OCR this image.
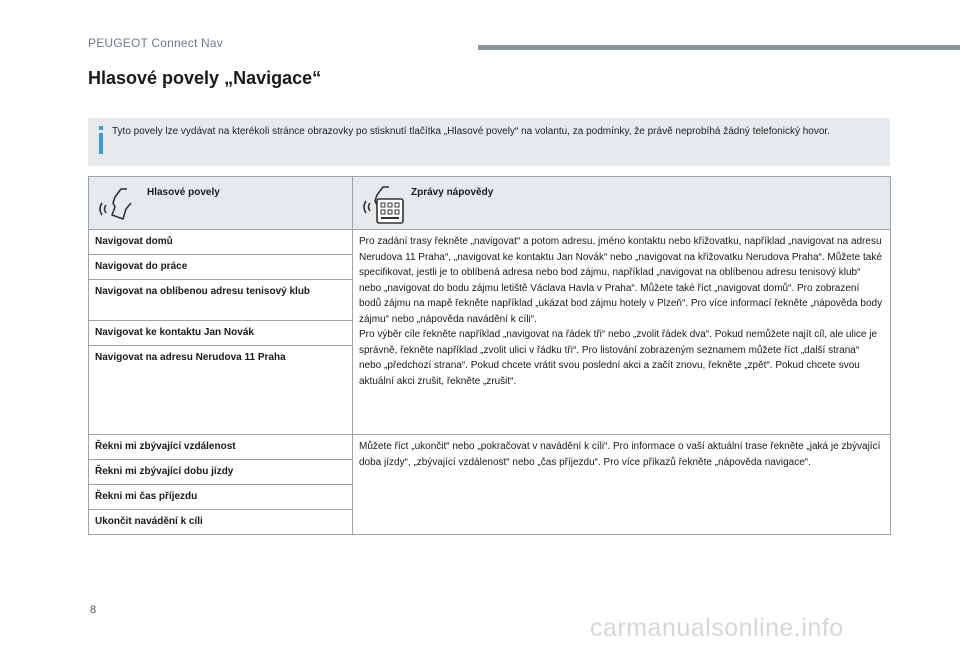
PEUGEOT Connect Nav
Hlasové povely „Navigace“
Tyto povely lze vydávat na kterékoli stránce obrazovky po stisknutí tlačítka „Hlasové povely“ na volantu, za podmínky, že právě neprobíhá žádný telefonický hovor.
Hlasové povely	Zprávy nápovědy

Navigovat domů	Pro zadání trasy řekněte „navigovat“ a potom adresu, jméno kontaktu nebo křižovatku, například „navigovat na adresu Nerudova 11 Praha“, „navigovat ke kontaktu Jan Novák“ nebo „navigovat na křižovatku Nerudova Praha“. Můžete také specifikovat, jestli je to oblíbená adresa nebo bod zájmu, například „navigovat na oblíbenou adresu tenisový klub“ nebo „navigovat do bodu zájmu letiště Václava Havla v Praha“. Můžete také říct „navigovat domů“. Pro zobrazení bodů zájmu na mapě řekněte například „ukázat bod zájmu hotely v Plzeň“. Pro více informací řekněte „nápověda body zájmu“ nebo „nápověda navádění k cíli“.
Pro výběr cíle řekněte například „navigovat na řádek tři“ nebo „zvolit řádek dva“. Pokud nemůžete najít cíl, ale ulice je správně, řekněte například „zvolit ulici v řádku tři“. Pro listování zobrazeným seznamem můžete říct „další strana“ nebo „předchozí strana“. Pokud chcete vrátit svou poslední akci a začít znovu, řekněte „zpět“. Pokud chcete svou aktuální akci zrušit, řekněte „zrušit“.
Navigovat do práce	
Navigovat na oblíbenou adresu tenisový klub	
Navigovat ke kontaktu Jan Novák	
Navigovat na adresu Nerudova 11 Praha	
Řekni mi zbývající vzdálenost	Můžete říct „ukončit“ nebo „pokračovat v navádění k cíli“. Pro informace o vaší aktuální trase řekněte „jaká je zbývající doba jízdy“, „zbývající vzdálenost“ nebo „čas příjezdu“. Pro více příkazů řekněte „nápověda navigace“.
Řekni mi zbývající dobu jízdy	
Řekni mi čas příjezdu	
Ukončit navádění k cíli	
8
carmanualsonline.info
